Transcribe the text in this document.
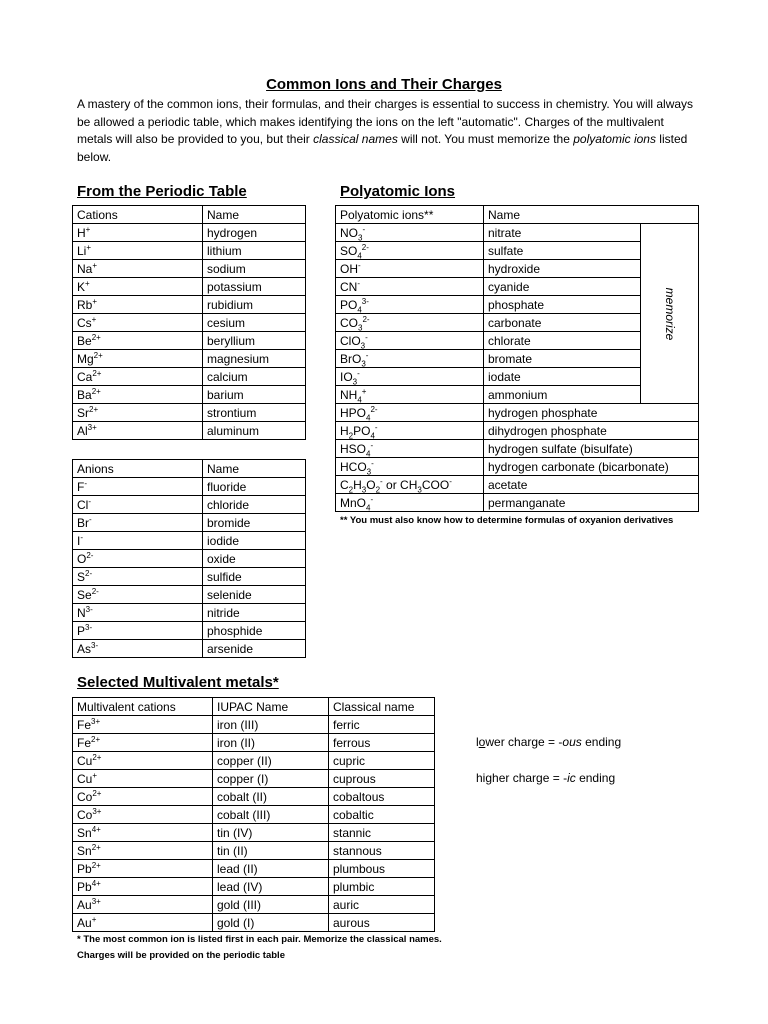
Common Ions and Their Charges
A mastery of the common ions, their formulas, and their charges is essential to success in chemistry. You will always be allowed a periodic table, which makes identifying the ions on the left "automatic". Charges of the multivalent metals will also be provided to you, but their classical names will not. You must memorize the polyatomic ions listed below.
From the Periodic Table	Polyatomic Ions
Cations	Name
H+	hydrogen
Li+	lithium
Na+	sodium
K+	potassium
Rb+	rubidium
Cs+	cesium
$Be^{2+}$	beryllium
$Mg^{2+}$	magnesium
$Ca^{2+}$	calcium
$Ba^{2+}$	barium
$Sr^{2+}$	strontium
$Al^{3+}$	aluminum
Anions	Name
F-	fluoride
Cl-	chloride
Br-	bromide
I-	iodide
$O^{2-}$	oxide
$S^{2-}$	sulfide
$Se^{2-}$	selenide
$N^{3-}$	nitride
$P^{3-}$	phosphide
$As^{3-}$	arsenide
Polyatomic ions**	Name	
$NO_3^-$	nitrate	memorize

$SO_4^{2-}$	sulfate	
OH-	hydroxide	
CN-	cyanide	
$PO_4^{3-}$	phosphate	
$CO_3^{2-}$	carbonate	
ClO$_3$-	chlorate	
BrO$_3$-	bromate	
$IO_3^-$	iodate	
$NH_4^+$	ammonium	
$HPO_4^{2-}$	hydrogen phosphate	
$H_2PO_4^-$	dihydrogen phosphate	
$HSO_4^-$	hydrogen sulfate (bisulfate)	
$HCO_3^-$	hydrogen carbonate (bicarbonate)	
$C_2H_3O_2^-$ or $CH_3COO^-$	acetate	
MnO$_4$-	permanganate	
** You must also know how to determine formulas of oxyanion derivatives
Selected Multivalent metals*
Multivalent cations	IUPAC Name	Classical name
$Fe^{3+}$	iron (III)	ferric
$Fe^{2+}$	iron (II)	ferrous
$Cu^{2+}$	copper (II)	cupric
Cu+	copper (I)	cuprous
$Co^{2+}$	cobalt (II)	cobaltous
$Co^{3+}$	cobalt (III)	cobaltic
$Sn^{4+}$	tin (IV)	stannic
$Sn^{2+}$	tin (II)	stannous
$Pb^{2+}$	lead (II)	plumbous
$Pb^{4+}$	lead (IV)	plumbic
$Au^{3+}$	gold (III)	auric
Au+	gold (I)	aurous
* The most common ion is listed first in each pair. Memorize the classical names.
Charges will be provided on the periodic table
lower charge = -ous ending
higher charge = -ic ending
